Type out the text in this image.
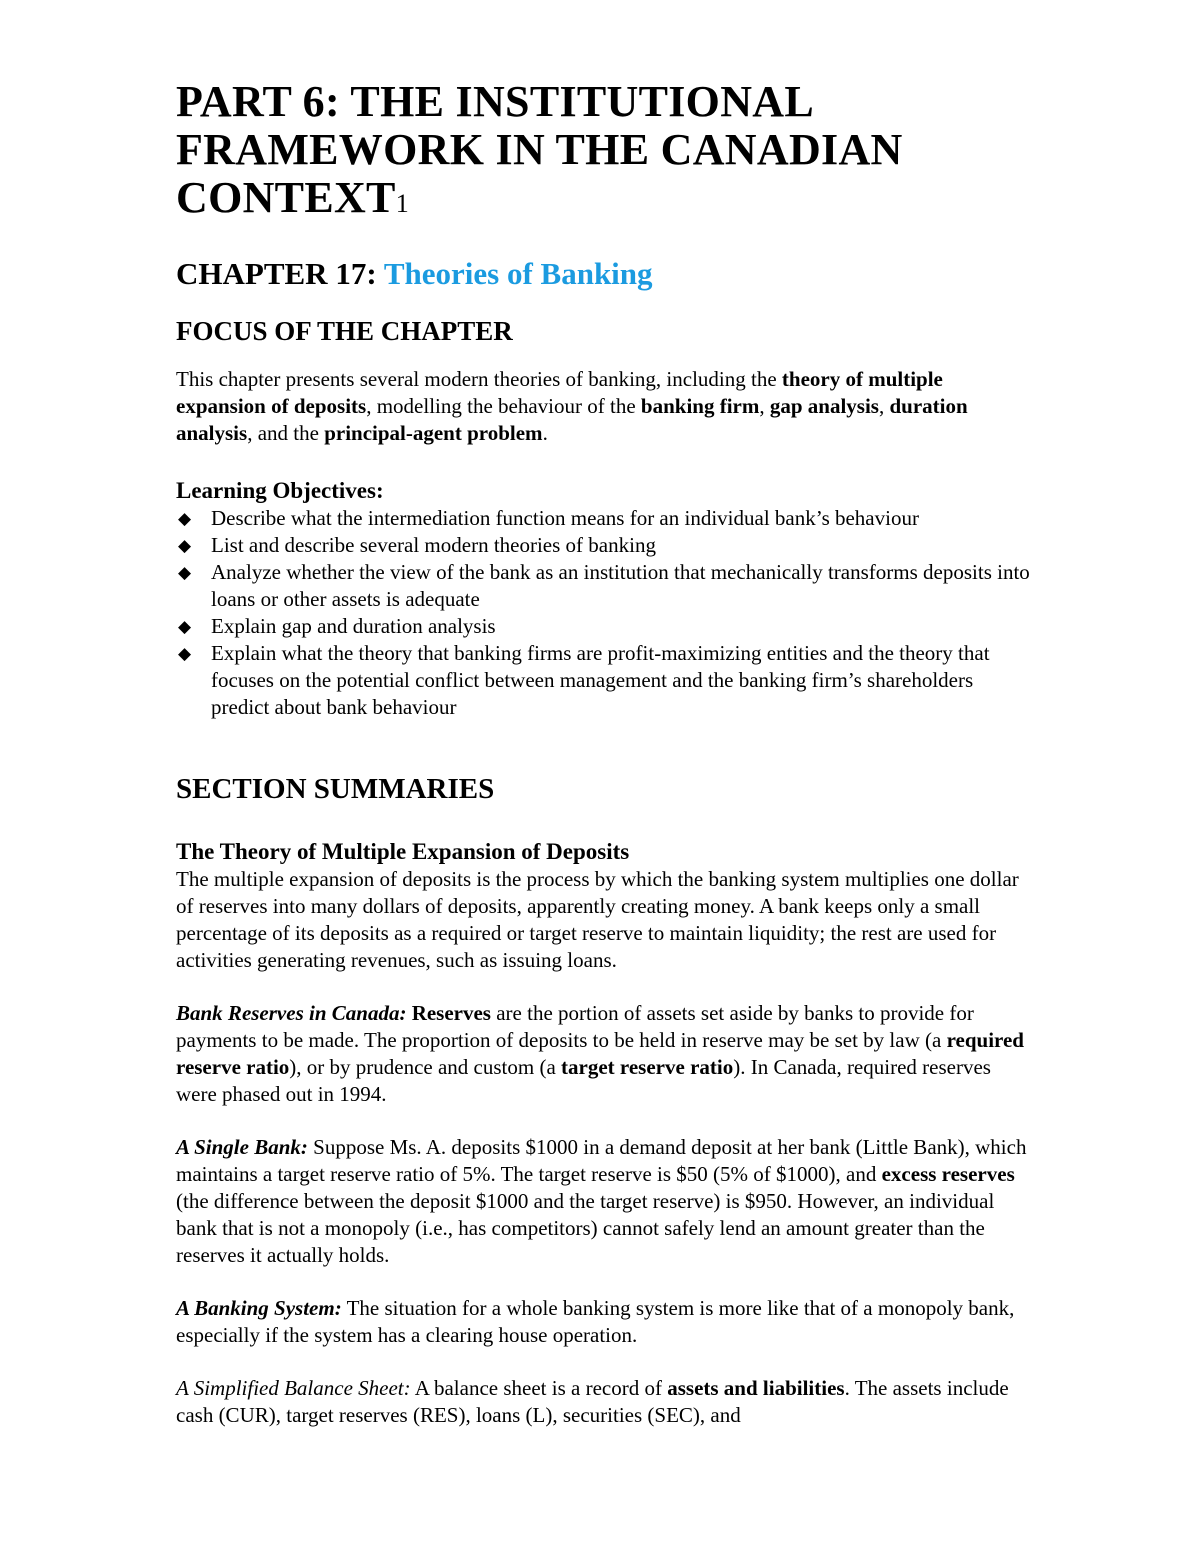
PART 6: THE INSTITUTIONAL
FRAMEWORK IN THE CANADIAN
CONTEXT1
CHAPTER 17: Theories of Banking
FOCUS OF THE CHAPTER

This chapter presents several modern theories of banking, including the theory of multiple expansion of deposits, modelling the behaviour of the banking firm, gap analysis, duration analysis, and the principal-agent problem.

Learning Objectives:
◆ Describe what the intermediation function means for an individual bank’s behaviour
◆ List and describe several modern theories of banking
◆ Analyze whether the view of the bank as an institution that mechanically transforms deposits into loans or other assets is adequate
◆ Explain gap and duration analysis
◆ Explain what the theory that banking firms are profit-maximizing entities and the theory that focuses on the potential conflict between management and the banking firm’s shareholders predict about bank behaviour
SECTION SUMMARIES
The Theory of Multiple Expansion of Deposits

The multiple expansion of deposits is the process by which the banking system multiplies one dollar of reserves into many dollars of deposits, apparently creating money. A bank keeps only a small percentage of its deposits as a required or target reserve to maintain liquidity; the rest are used for activities generating revenues, such as issuing loans.

Bank Reserves in Canada: Reserves are the portion of assets set aside by banks to provide for payments to be made. The proportion of deposits to be held in reserve may be set by law (a required reserve ratio), or by prudence and custom (a target reserve ratio). In Canada, required reserves were phased out in 1994.

A Single Bank: Suppose Ms. A. deposits $1000 in a demand deposit at her bank (Little Bank), which maintains a target reserve ratio of 5%. The target reserve is $50 (5% of $1000), and excess reserves (the difference between the deposit $1000 and the target reserve) is $950. However, an individual bank that is not a monopoly (i.e., has competitors) cannot safely lend an amount greater than the reserves it actually holds.

A Banking System: The situation for a whole banking system is more like that of a monopoly bank, especially if the system has a clearing house operation.

A Simplified Balance Sheet: A balance sheet is a record of assets and liabilities. The assets include cash (CUR), target reserves (RES), loans (L), securities (SEC), and
